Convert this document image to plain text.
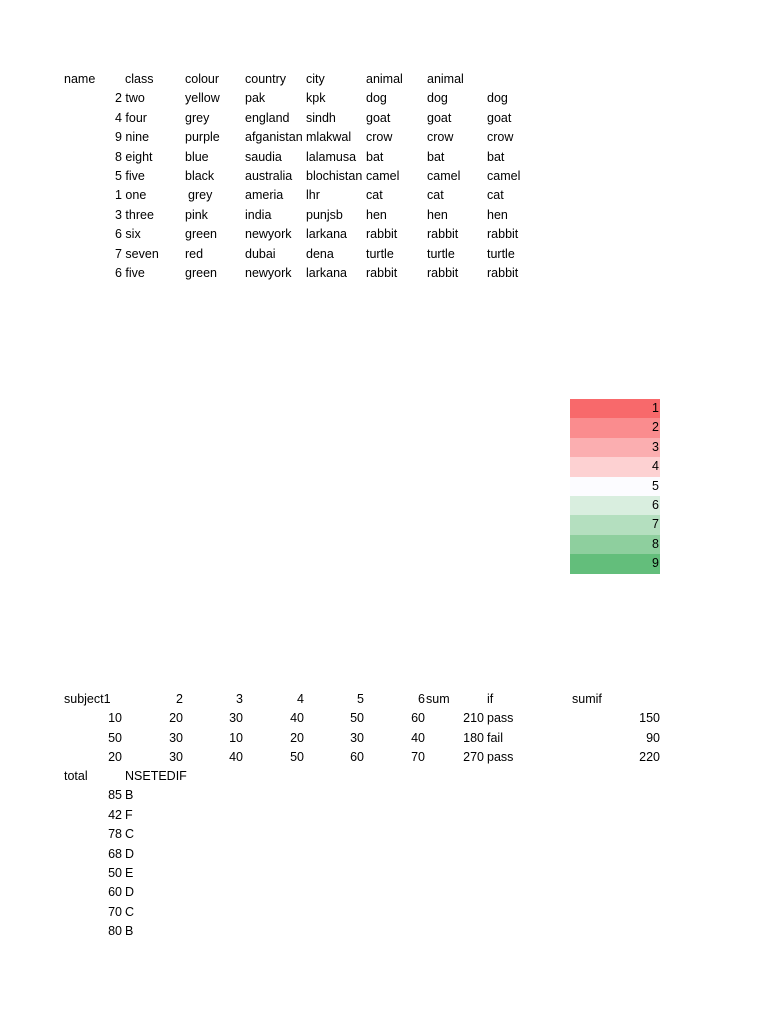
name class	colour country city	animal animal
2 two	yellow pak	kpk	dog	dog	dog
4 four	grey	england sindh goat	goat	goat
9 nine	purple afganistan mlakwal crow	crow	crow
8 eight	blue	saudia lalamusa bat	bat	bat
5 five	black australia blochistan camel camel camel
1 one	grey	ameria lhr	cat	cat	cat
3 three pink	india	punjsb hen	hen	hen
6 six	green newyork larkana rabbit rabbit rabbit
7 seven red	dubai dena	turtle	turtle	turtle
6 five	green newyork larkana rabbit rabbit rabbit
1
2
3
4
5
6
7
8
9
subject1	2	3	4	5	6 sum	if	sumif
10	20	30	40	50	60	210 pass	150
50	30	10	20	30	40	180 fail	90
20	30	40	50	60	70	270 pass	220
total	NSETEDIF
85 B
42 F
78 C
68 D
50 E
60 D
70 C
80 B
